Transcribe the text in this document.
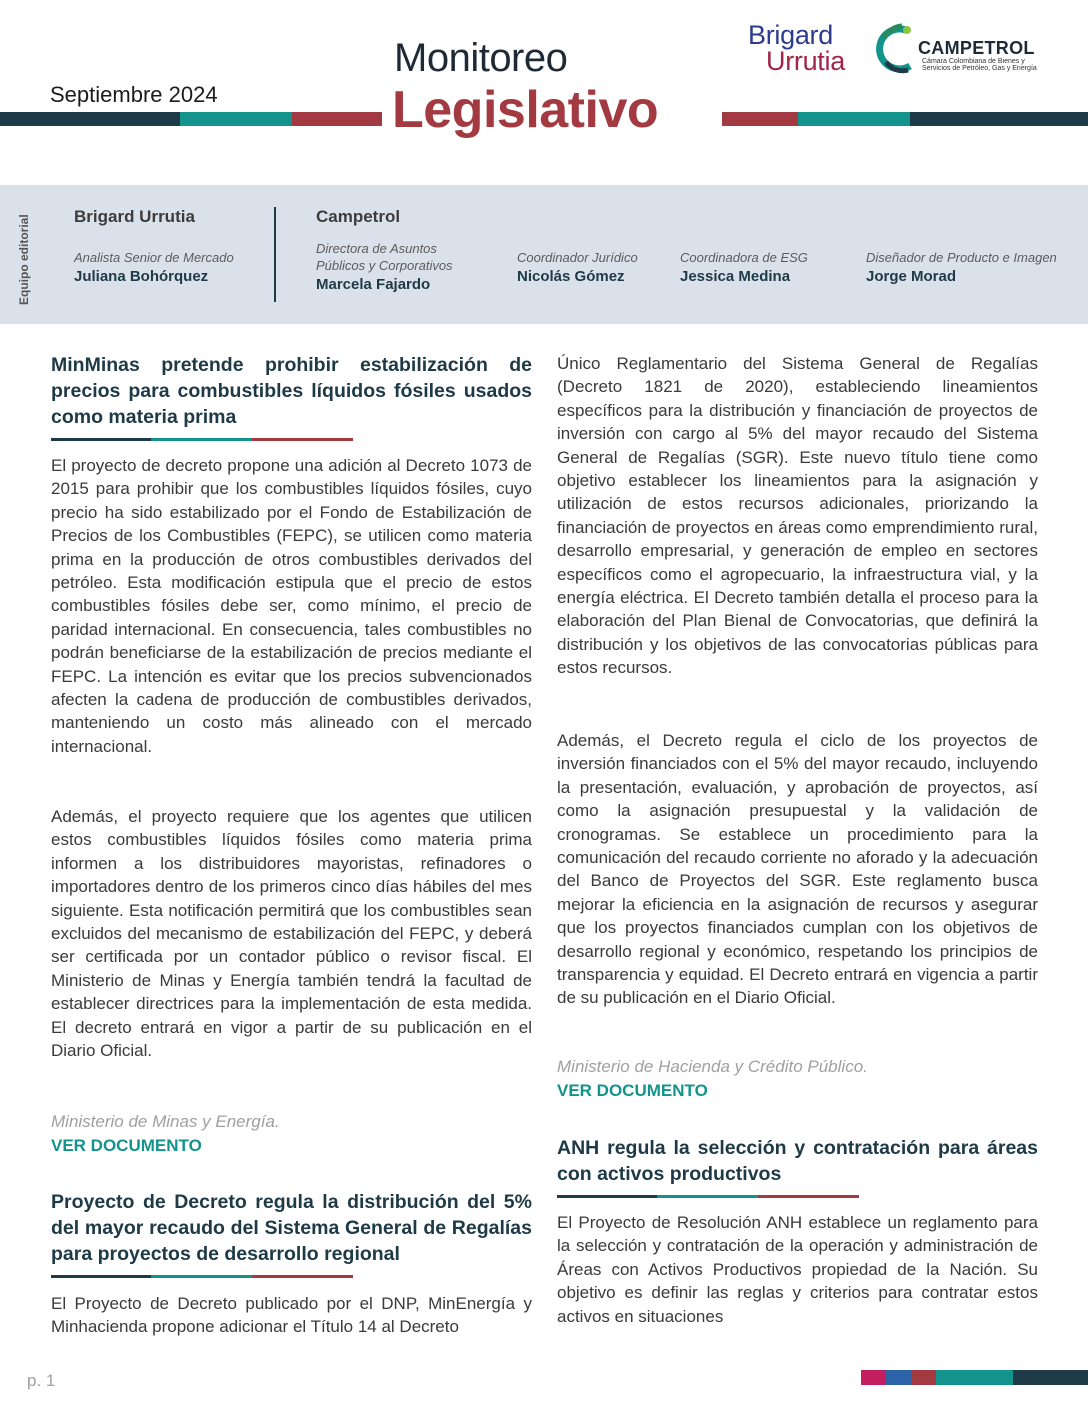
Septiembre 2024
Monitoreo
Legislativo
Brigard
Urrutia	CAMPETROL
Cámara Colombiana de Bienes y Servicios de Petróleo, Gas y Energía
Equipo editorial	Brigard Urrutia	Campetrol
Analista Senior de Mercado
Juliana Bohórquez
Directora de Asuntos Públicos y Corporativos
Marcela Fajardo
Coordinador Jurídico
Nicolás Gómez
Coordinadora de ESG
Jessica Medina
Diseñador de Producto e Imagen
Jorge Morad
MinMinas pretende prohibir estabilización de precios para combustibles líquidos fósiles usados como materia prima
El proyecto de decreto propone una adición al Decreto 1073 de 2015 para prohibir que los combustibles líquidos fósiles, cuyo precio ha sido estabilizado por el Fondo de Estabilización de Precios de los Combustibles (FEPC), se utilicen como materia prima en la producción de otros combustibles derivados del petróleo. Esta modificación estipula que el precio de estos combustibles fósiles debe ser, como mínimo, el precio de paridad internacional. En consecuencia, tales combustibles no podrán beneficiarse de la estabilización de precios mediante el FEPC. La intención es evitar que los precios subvencionados afecten la cadena de producción de combustibles derivados, manteniendo un costo más alineado con el mercado internacional.
Además, el proyecto requiere que los agentes que utilicen estos combustibles líquidos fósiles como materia prima informen a los distribuidores mayoristas, refinadores o importadores dentro de los primeros cinco días hábiles del mes siguiente. Esta notificación permitirá que los combustibles sean excluidos del mecanismo de estabilización del FEPC, y deberá ser certificada por un contador público o revisor fiscal. El Ministerio de Minas y Energía también tendrá la facultad de establecer directrices para la implementación de esta medida. El decreto entrará en vigor a partir de su publicación en el Diario Oficial.
Ministerio de Minas y Energía.
VER DOCUMENTO
Proyecto de Decreto regula la distribución del 5% del mayor recaudo del Sistema General de Regalías para proyectos de desarrollo regional
El Proyecto de Decreto publicado por el DNP, MinEnergía y Minhacienda propone adicionar el Título 14 al Decreto
Único Reglamentario del Sistema General de Regalías (Decreto 1821 de 2020), estableciendo lineamientos específicos para la distribución y financiación de proyectos de inversión con cargo al 5% del mayor recaudo del Sistema General de Regalías (SGR). Este nuevo título tiene como objetivo establecer los lineamientos para la asignación y utilización de estos recursos adicionales, priorizando la financiación de proyectos en áreas como emprendimiento rural, desarrollo empresarial, y generación de empleo en sectores específicos como el agropecuario, la infraestructura vial, y la energía eléctrica. El Decreto también detalla el proceso para la elaboración del Plan Bienal de Convocatorias, que definirá la distribución y los objetivos de las convocatorias públicas para estos recursos.
Además, el Decreto regula el ciclo de los proyectos de inversión financiados con el 5% del mayor recaudo, incluyendo la presentación, evaluación, y aprobación de proyectos, así como la asignación presupuestal y la validación de cronogramas. Se establece un procedimiento para la comunicación del recaudo corriente no aforado y la adecuación del Banco de Proyectos del SGR. Este reglamento busca mejorar la eficiencia en la asignación de recursos y asegurar que los proyectos financiados cumplan con los objetivos de desarrollo regional y económico, respetando los principios de transparencia y equidad. El Decreto entrará en vigencia a partir de su publicación en el Diario Oficial.
Ministerio de Hacienda y Crédito Público.
VER DOCUMENTO
ANH regula la selección y contratación para áreas con activos productivos
El Proyecto de Resolución ANH establece un reglamento para la selección y contratación de la operación y administración de Áreas con Activos Productivos propiedad de la Nación. Su objetivo es definir las reglas y criterios para contratar estos activos en situaciones
p. 1
